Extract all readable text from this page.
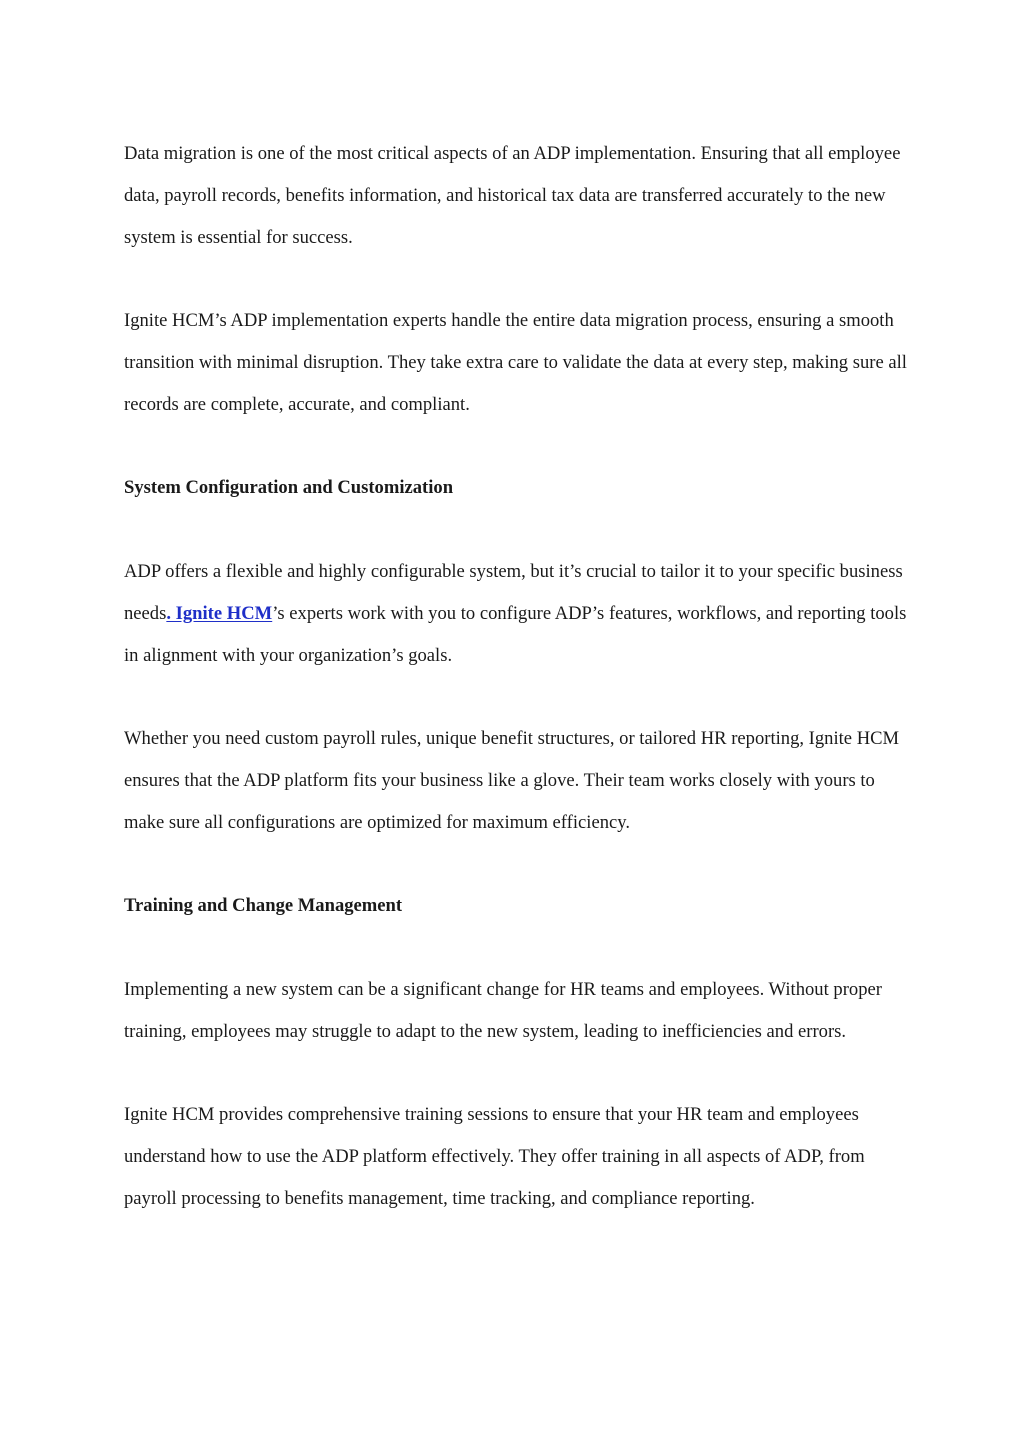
Data migration is one of the most critical aspects of an ADP implementation. Ensuring that all employee data, payroll records, benefits information, and historical tax data are transferred accurately to the new system is essential for success.

Ignite HCM’s ADP implementation experts handle the entire data migration process, ensuring a smooth transition with minimal disruption. They take extra care to validate the data at every step, making sure all records are complete, accurate, and compliant.

System Configuration and Customization

ADP offers a flexible and highly configurable system, but it’s crucial to tailor it to your specific business needs. Ignite HCM’s experts work with you to configure ADP’s features, workflows, and reporting tools in alignment with your organization’s goals.

Whether you need custom payroll rules, unique benefit structures, or tailored HR reporting, Ignite HCM ensures that the ADP platform fits your business like a glove. Their team works closely with yours to make sure all configurations are optimized for maximum efficiency.

Training and Change Management

Implementing a new system can be a significant change for HR teams and employees. Without proper training, employees may struggle to adapt to the new system, leading to inefficiencies and errors.

Ignite HCM provides comprehensive training sessions to ensure that your HR team and employees understand how to use the ADP platform effectively. They offer training in all aspects of ADP, from payroll processing to benefits management, time tracking, and compliance reporting.
